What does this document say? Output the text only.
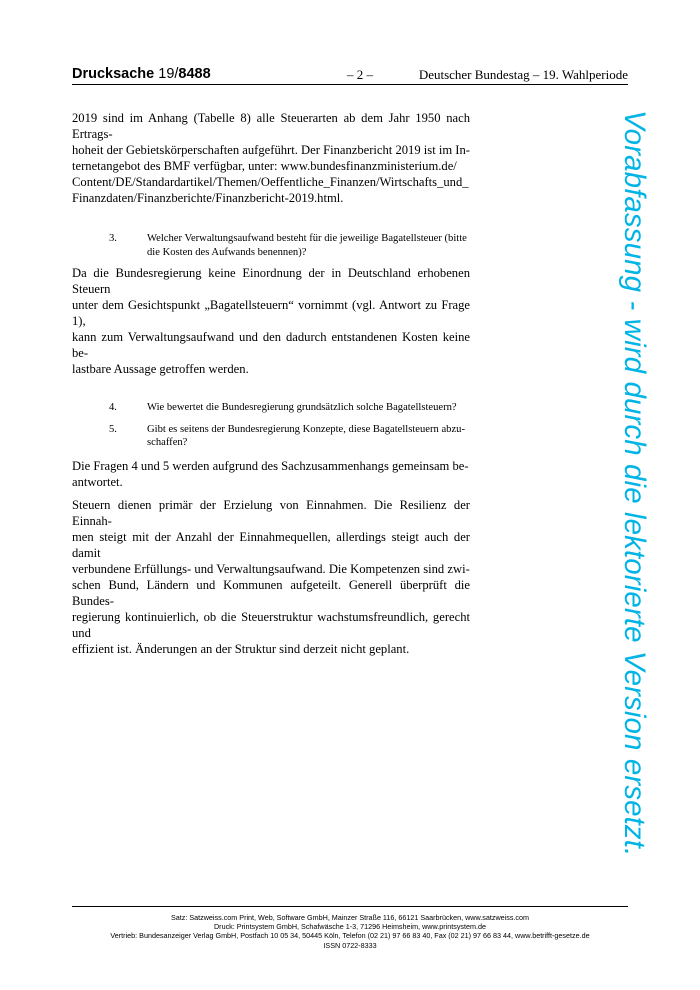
Drucksache 19/8488	– 2 –	Deutscher Bundestag – 19. Wahlperiode

2019 sind im Anhang (Tabelle 8) alle Steuerarten ab dem Jahr 1950 nach Ertrags-
hoheit der Gebietskörperschaften aufgeführt. Der Finanzbericht 2019 ist im In-
ternetangebot des BMF verfügbar, unter: www.bundesfinanzministerium.de/
Content/DE/Standardartikel/Themen/Oeffentliche_Finanzen/Wirtschafts_und_
Finanzdaten/Finanzberichte/Finanzbericht-2019.html.

3.	Welcher Verwaltungsaufwand besteht für die jeweilige Bagatellsteuer (bitte
die Kosten des Aufwands benennen)?

Da die Bundesregierung keine Einordnung der in Deutschland erhobenen Steuern
unter dem Gesichtspunkt „Bagatellsteuern“ vornimmt (vgl. Antwort zu Frage 1),
kann zum Verwaltungsaufwand und den dadurch entstandenen Kosten keine be-
lastbare Aussage getroffen werden.

4.	Wie bewertet die Bundesregierung grundsätzlich solche Bagatellsteuern?
5.	Gibt es seitens der Bundesregierung Konzepte, diese Bagatellsteuern abzu-
schaffen?

Die Fragen 4 und 5 werden aufgrund des Sachzusammenhangs gemeinsam be-
antwortet.

Steuern dienen primär der Erzielung von Einnahmen. Die Resilienz der Einnah-
men steigt mit der Anzahl der Einnahmequellen, allerdings steigt auch der damit
verbundene Erfüllungs- und Verwaltungsaufwand. Die Kompetenzen sind zwi-
schen Bund, Ländern und Kommunen aufgeteilt. Generell überprüft die Bundes-
regierung kontinuierlich, ob die Steuerstruktur wachstumsfreundlich, gerecht und
effizient ist. Änderungen an der Struktur sind derzeit nicht geplant.	Vorabfassung - wird durch die lektorierte Version ersetzt.
Satz: Satzweiss.com Print, Web, Software GmbH, Mainzer Straße 116, 66121 Saarbrücken, www.satzweiss.com
Druck: Printsystem GmbH, Schafwäsche 1-3, 71296 Heimsheim, www.printsystem.de
Vertrieb: Bundesanzeiger Verlag GmbH, Postfach 10 05 34, 50445 Köln, Telefon (02 21) 97 66 83 40, Fax (02 21) 97 66 83 44, www.betrifft-gesetze.de
ISSN 0722-8333
